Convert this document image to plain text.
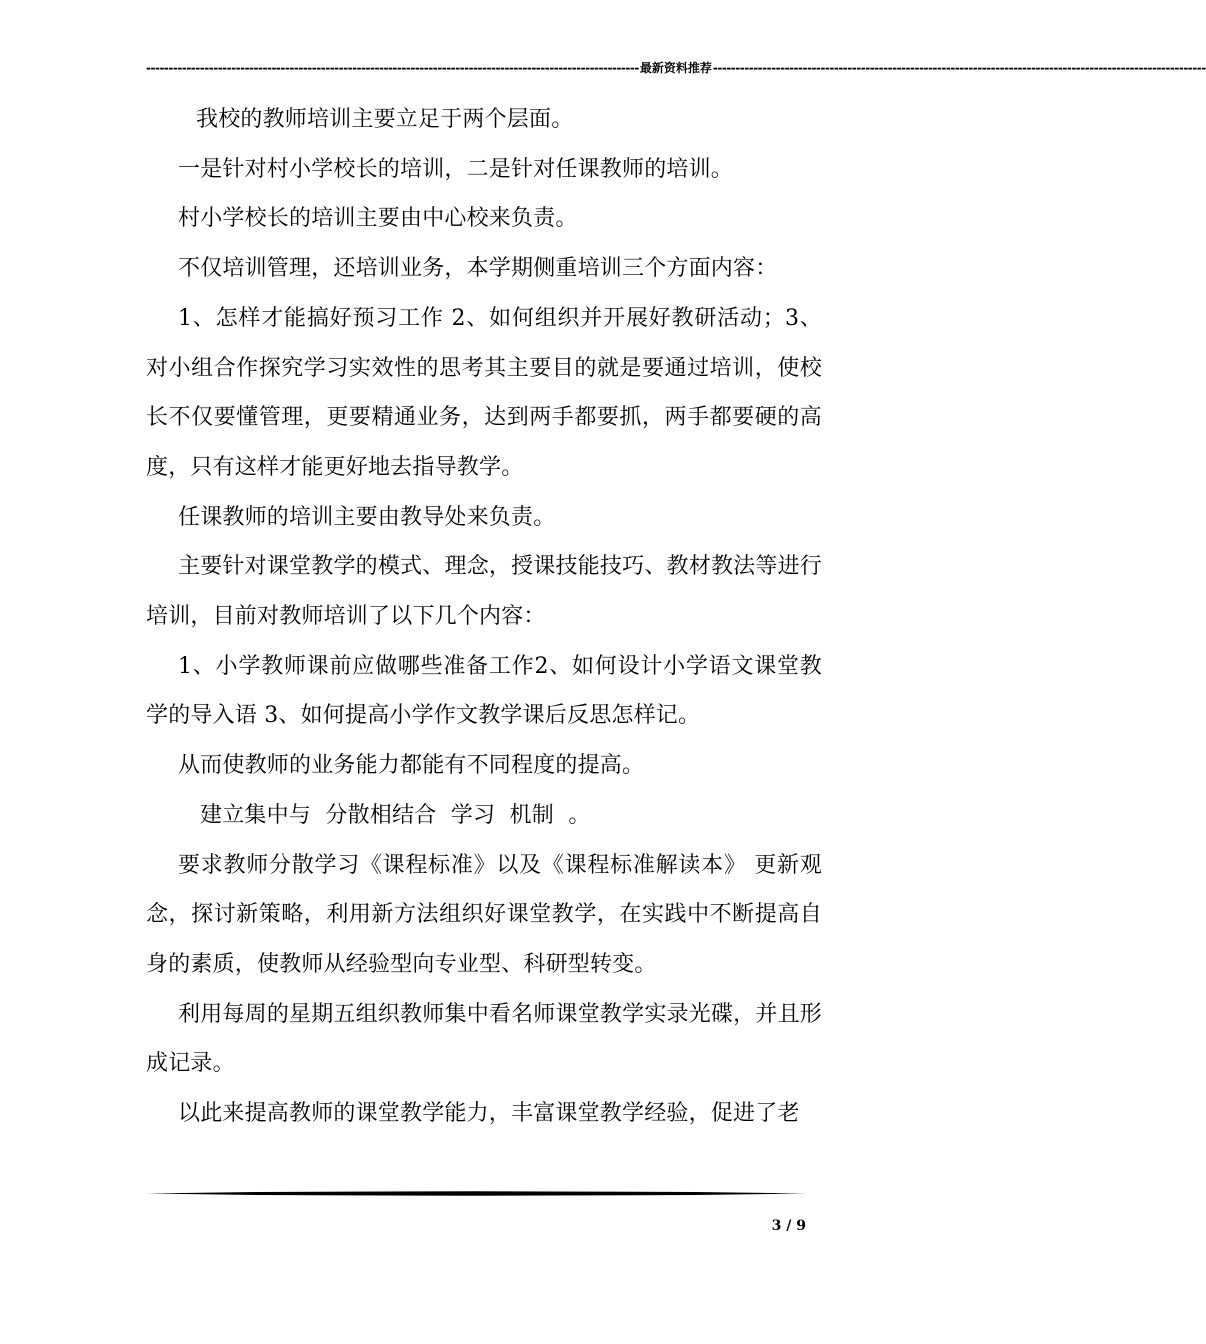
-------------------------------------------------------------------------------------------------------------- 最新资料推荐 --------------------------------------------------------------------------------------------------------------

我校的教师培训主要立足于两个层面。

一是针对村小学校长的培训，二是针对任课教师的培训。

村小学校长的培训主要由中心校来负责。

不仅培训管理，还培训业务，本学期侧重培训三个方面内容：

1、怎样才能搞好预习工作 2、如何组织并开展好教研活动；3、对小组合作探究学习实效性的思考其主要目的就是要通过培训，使校长不仅要懂管理，更要精通业务，达到两手都要抓，两手都要硬的高度，只有这样才能更好地去指导教学。

任课教师的培训主要由教导处来负责。

主要针对课堂教学的模式、理念，授课技能技巧、教材教法等进行培训，目前对教师培训了以下几个内容：

1、小学教师课前应做哪些准备工作2、如何设计小学语文课堂教学的导入语 3、如何提高小学作文教学课后反思怎样记。

从而使教师的业务能力都能有不同程度的提高。

建立集中与  分散相结合  学习  机制  。

要求教师分散学习《课程标准》以及《课程标准解读本》 更新观念，探讨新策略，利用新方法组织好课堂教学，在实践中不断提高自身的素质，使教师从经验型向专业型、科研型转变。

利用每周的星期五组织教师集中看名师课堂教学实录光碟，并且形成记录。

以此来提高教师的课堂教学能力，丰富课堂教学经验，促进了老

3 / 9
